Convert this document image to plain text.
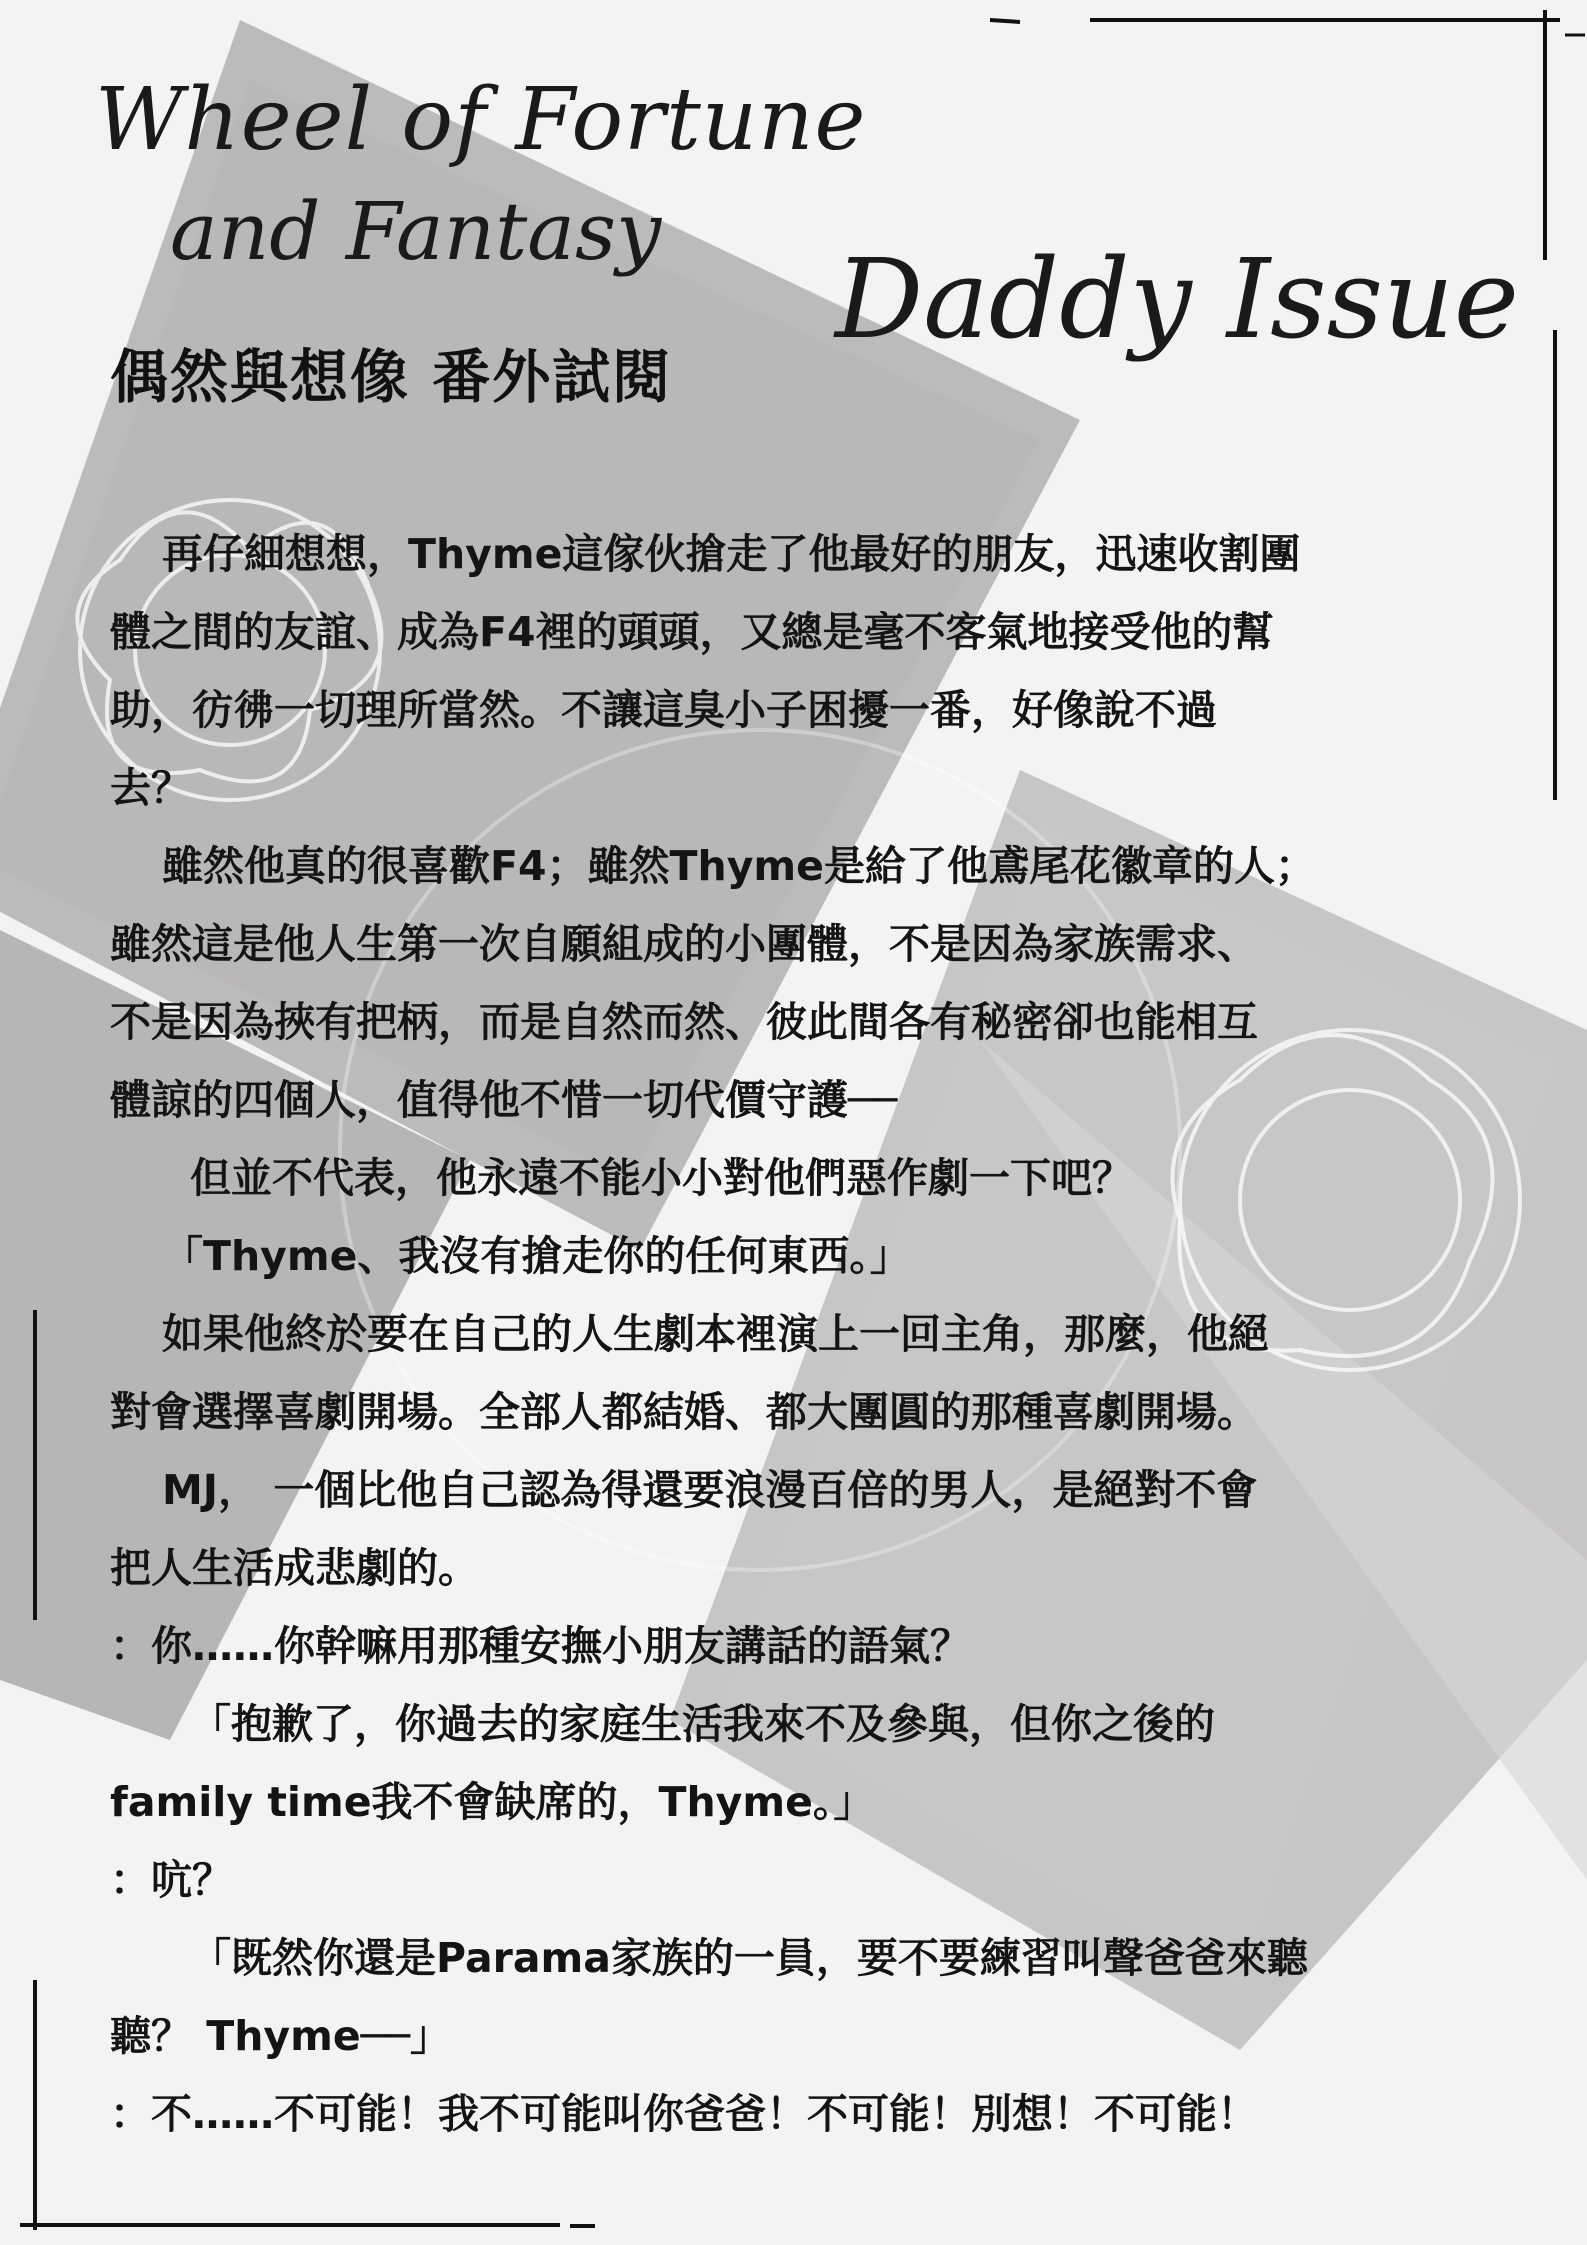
Wheel of Fortune
and Fantasy
Daddy Issue
偶然與想像 番外試閱

再仔細想想，Thyme這傢伙搶走了他最好的朋友，迅速收割團

體之間的友誼、成為F4裡的頭頭，又總是毫不客氣地接受他的幫

助，彷彿一切理所當然。不讓這臭小子困擾一番，好像說不過

去？

雖然他真的很喜歡F4；雖然Thyme是給了他鳶尾花徽章的人；

雖然這是他人生第一次自願組成的小團體，不是因為家族需求、

不是因為挾有把柄，而是自然而然、彼此間各有秘密卻也能相互

體諒的四個人，值得他不惜一切代價守護──

但並不代表，他永遠不能小小對他們惡作劇一下吧？

「Thyme、我沒有搶走你的任何東西。」

如果他終於要在自己的人生劇本裡演上一回主角，那麼，他絕

對會選擇喜劇開場。全部人都結婚、都大團圓的那種喜劇開場。

MJ， 一個比他自己認為得還要浪漫百倍的男人，是絕對不會

把人生活成悲劇的。

：你……你幹嘛用那種安撫小朋友講話的語氣？

「抱歉了，你過去的家庭生活我來不及參與，但你之後的

family time我不會缺席的，Thyme。」

：吭？

「既然你還是Parama家族的一員，要不要練習叫聲爸爸來聽

聽？ Thyme──」

：不……不可能！我不可能叫你爸爸！不可能！別想！不可能！
